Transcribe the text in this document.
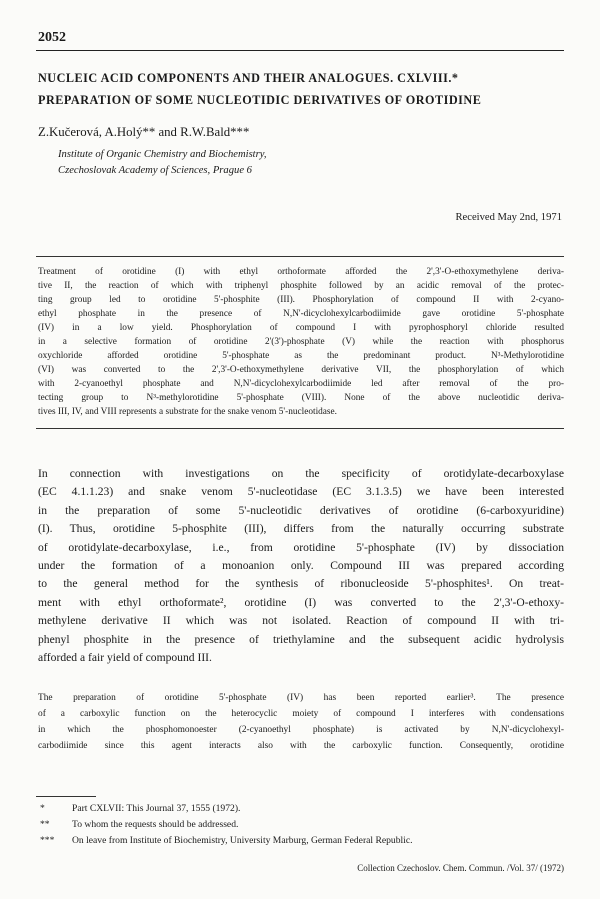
2052
NUCLEIC ACID COMPONENTS AND THEIR ANALOGUES. CXLVIII.*
PREPARATION OF SOME NUCLEOTIDIC DERIVATIVES OF OROTIDINE
Z.Kučerová, A.Holý** and R.W.Bald***
Institute of Organic Chemistry and Biochemistry,
Czechoslovak Academy of Sciences, Prague 6
Received May 2nd, 1971
Treatment of orotidine (I) with ethyl orthoformate afforded the 2',3'-O-ethoxymethylene deriva-
tive II, the reaction of which with triphenyl phosphite followed by an acidic removal of the protec-
ting group led to orotidine 5'-phosphite (III). Phosphorylation of compound II with 2-cyano-
ethyl phosphate in the presence of N,N'-dicyclohexylcarbodiimide gave orotidine 5'-phosphate
(IV) in a low yield. Phosphorylation of compound I with pyrophosphoryl chloride resulted
in a selective formation of orotidine 2'(3')-phosphate (V) while the reaction with phosphorus
oxychloride afforded orotidine 5'-phosphate as the predominant product. N³-Methylorotidine
(VI) was converted to the 2',3'-O-ethoxymethylene derivative VII, the phosphorylation of which
with 2-cyanoethyl phosphate and N,N'-dicyclohexylcarbodiimide led after removal of the pro-
tecting group to N³-methylorotidine 5'-phosphate (VIII). None of the above nucleotidic deriva-
tives III, IV, and VIII represents a substrate for the snake venom 5'-nucleotidase.
In connection with investigations on the specificity of orotidylate-decarboxylase
(EC 4.1.1.23) and snake venom 5'-nucleotidase (EC 3.1.3.5) we have been interested
in the preparation of some 5'-nucleotidic derivatives of orotidine (6-carboxyuridine)
(I). Thus, orotidine 5-phosphite (III), differs from the naturally occurring substrate
of orotidylate-decarboxylase, i.e., from orotidine 5'-phosphate (IV) by dissociation
under the formation of a monoanion only. Compound III was prepared according
to the general method for the synthesis of ribonucleoside 5'-phosphites¹. On treat-
ment with ethyl orthoformate², orotidine (I) was converted to the 2',3'-O-ethoxy-
methylene derivative II which was not isolated. Reaction of compound II with tri-
phenyl phosphite in the presence of triethylamine and the subsequent acidic hydrolysis
afforded a fair yield of compound III.
The preparation of orotidine 5'-phosphate (IV) has been reported earlier³. The presence
of a carboxylic function on the heterocyclic moiety of compound I interferes with condensations
in which the phosphomonoester (2-cyanoethyl phosphate) is activated by N,N'-dicyclohexyl-
carbodiimide since this agent interacts also with the carboxylic function. Consequently, orotidine
*	Part CXLVII: This Journal 37, 1555 (1972).
** To whom the requests should be addressed.
*** On leave from Institute of Biochemistry, University Marburg, German Federal Republic.
Collection Czechoslov. Chem. Commun. /Vol. 37/ (1972)
